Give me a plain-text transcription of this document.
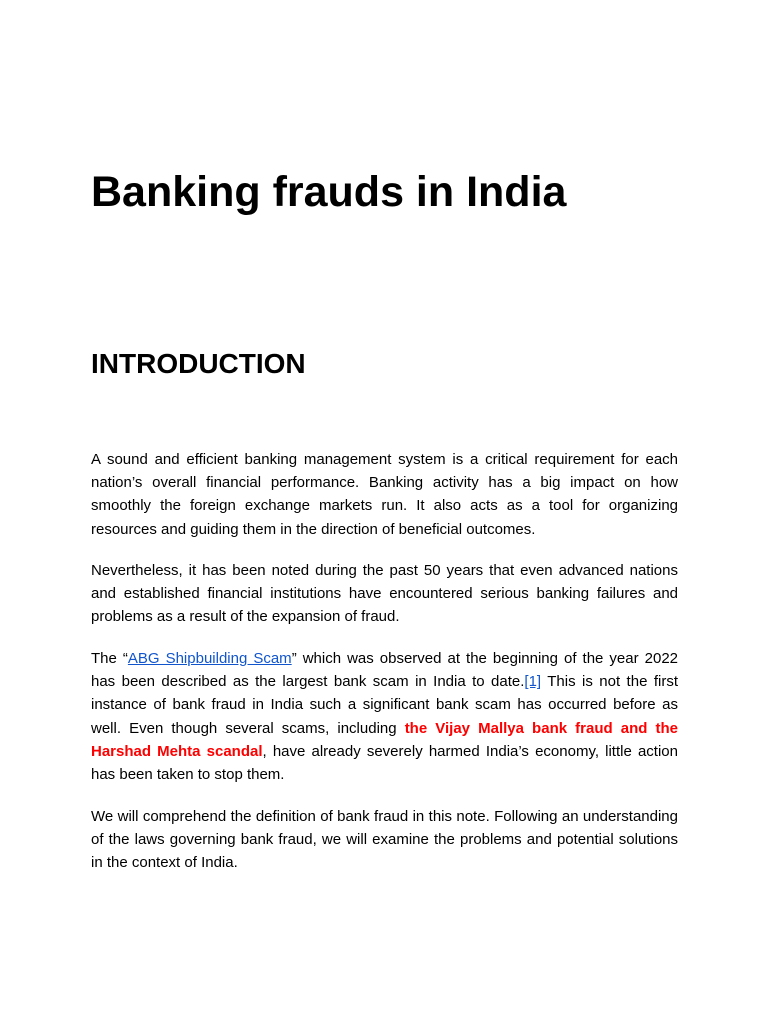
Banking frauds in India
INTRODUCTION

A sound and efficient banking management system is a critical requirement for each nation’s overall financial performance. Banking activity has a big impact on how smoothly the foreign exchange markets run. It also acts as a tool for organizing resources and guiding them in the direction of beneficial outcomes.

Nevertheless, it has been noted during the past 50 years that even advanced nations and established financial institutions have encountered serious banking failures and problems as a result of the expansion of fraud.

The “ABG Shipbuilding Scam” which was observed at the beginning of the year 2022 has been described as the largest bank scam in India to date.[1] This is not the first instance of bank fraud in India such a significant bank scam has occurred before as well. Even though several scams, including the Vijay Mallya bank fraud and the Harshad Mehta scandal, have already severely harmed India’s economy, little action has been taken to stop them.

We will comprehend the definition of bank fraud in this note. Following an understanding of the laws governing bank fraud, we will examine the problems and potential solutions in the context of India.
